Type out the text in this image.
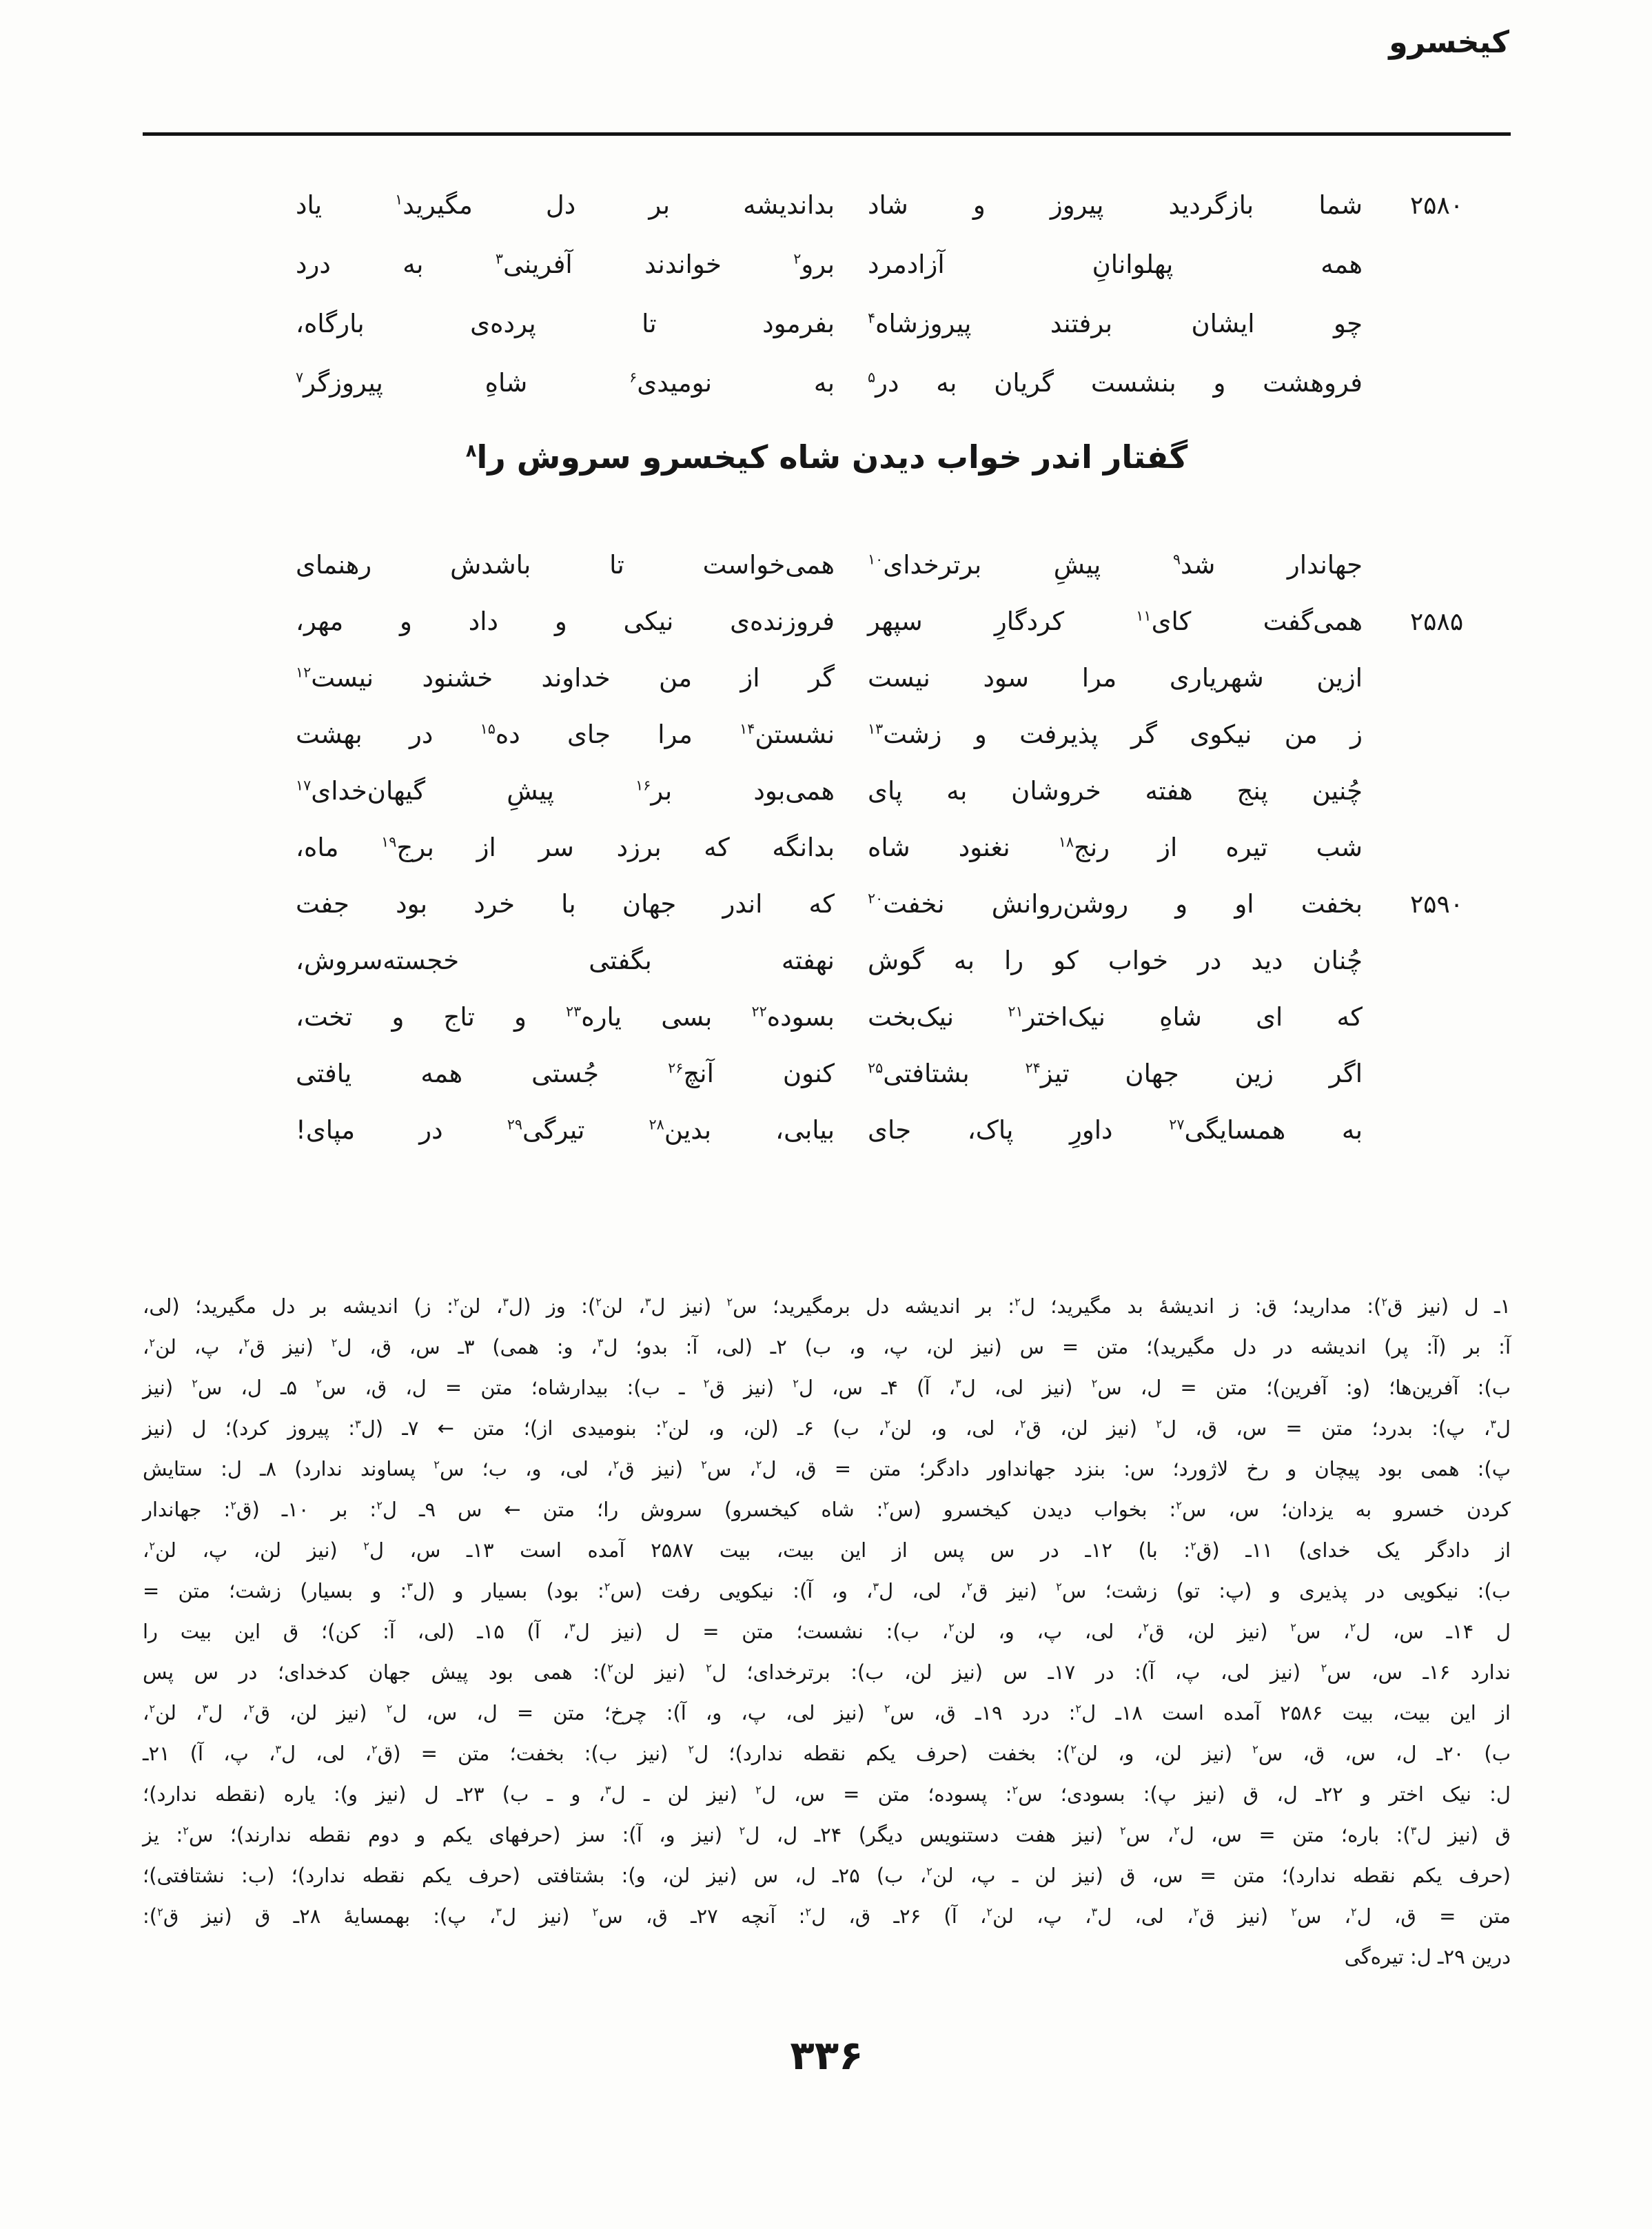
کیخسرو
۲۵۸۰
شما بازگردید پیروز و شاد
بداندیشه بر دل مگیرید$^۱$ یاد
همه پهلوانانِ آزادمرد
برو$^۲$ خواندند آفرینی$^۳$ به درد
چو ایشان برفتند پیروزشاه$^۴$
بفرمود تا پرده‌ی بارگاه،
فروهشت و بنشست گریان به در$^۵$
به نومیدی$^۶$ شاهِ پیروزگر$^۷$
گفتار اندر خواب دیدن شاه کیخسرو سروش را$^۸$
جهاندار شد$^۹$ پیشِ برترخدای$^{۱۰}$
همی‌خواست تا باشدش رهنمای
۲۵۸۵
همی‌گفت کای$^{۱۱}$ کردگارِ سپهر
فروزنده‌ی نیکی و داد و مهر،
ازین شهریاری مرا سود نیست
گر از من خداوند خشنود نیست$^{۱۲}$
ز من نیکوی گر پذیرفت و زشت$^{۱۳}$
نشستن$^{۱۴}$ مرا جای ده$^{۱۵}$ در بهشت
چُنین پنج هفته خروشان به پای
همی‌بود بر$^{۱۶}$ پیشِ گیهان‌خدای$^{۱۷}$
شب تیره از رنج$^{۱۸}$ نغنود شاه
بدانگه که برزد سر از برج$^{۱۹}$ ماه،
۲۵۹۰
بخفت او و روشن‌روانش نخفت$^{۲۰}$
که اندر جهان با خرد بود جفت
چُنان دید در خواب کو را به گوش
نهفته بگفتی خجسته‌سروش،
که ای شاهِ نیک‌اختر$^{۲۱}$ نیک‌بخت
بسوده$^{۲۲}$ بسی یاره$^{۲۳}$ و تاج و تخت،
اگر زین جهان تیز$^{۲۴}$ بشتافتی$^{۲۵}$
کنون آنچ$^{۲۶}$ جُستی همه یافتی
به همسایگی$^{۲۷}$ داورِ پاک، جای
بیابی، بدین$^{۲۸}$ تیرگی$^{۲۹}$ در مپای!

۱ـ ل (نیز ق$^۲$): مدارید؛ ق: ز اندیشهٔ بد مگیرید؛ ل$^۲$: بر اندیشه دل برمگیرید؛ س$^۲$ (نیز ل$^۳$، لن$^۲$): وز (ل$^۳$، لن$^۲$: ز) اندیشه بر دل مگیرید؛ (لی،

آ: بر (آ: پر) اندیشه در دل مگیرید)؛ متن = س (نیز لن، پ، و، ب) ۲ـ (لی، آ: بدو؛ ل$^۳$، و: همی) ۳ـ س، ق، ل$^۲$ (نیز ق$^۲$، پ، لن$^۲$،

ب): آفرین‌ها؛ (و: آفرین)؛ متن = ل، س$^۲$ (نیز لی، ل$^۳$، آ) ۴ـ س، ل$^۲$ (نیز ق$^۲$ ـ ب): بیدارشاه؛ متن = ل، ق، س$^۲$ ۵ـ ل، س$^۲$ (نیز

ل$^۳$، پ): بدرد؛ متن = س، ق، ل$^۲$ (نیز لن، ق$^۲$، لی، و، لن$^۲$، ب) ۶ـ (لن، و، لن$^۲$: بنومیدی از)؛ متن ← ۷ـ (ل$^۳$: پیروز کرد)؛ ل (نیز

پ): همی بود پیچان و رخ لاژورد؛ س: بنزد جهانداور دادگر؛ متن = ق، ل$^۲$، س$^۲$ (نیز ق$^۲$، لی، و، ب؛ س$^۲$ پساوند ندارد) ۸ـ ل: ستایش

کردن خسرو به یزدان؛ س، س$^۲$: بخواب دیدن کیخسرو (س$^۲$: شاه کیخسرو) سروش را؛ متن ← س ۹ـ ل$^۲$: بر ۱۰ـ (ق$^۲$: جهاندار

از دادگر یک خدای) ۱۱ـ (ق$^۲$: با) ۱۲ـ در س پس از این بیت، بیت ۲۵۸۷ آمده است ۱۳ـ س، ل$^۲$ (نیز لن، پ، لن$^۲$،

ب): نیکویی در پذیری و (پ: تو) زشت؛ س$^۲$ (نیز ق$^۲$، لی، ل$^۳$، و، آ): نیکویی رفت (س$^۲$: بود) بسیار و (ل$^۳$: و بسیار) زشت؛ متن =

ل ۱۴ـ س، ل$^۲$، س$^۲$ (نیز لن، ق$^۲$، لی، پ، و، لن$^۲$، ب): نشست؛ متن = ل (نیز ل$^۳$، آ) ۱۵ـ (لی، آ: کن)؛ ق این بیت را

ندارد ۱۶ـ س، س$^۲$ (نیز لی، پ، آ): در ۱۷ـ س (نیز لن، ب): برترخدای؛ ل$^۲$ (نیز لن$^۲$): همی بود پیش جهان کدخدای؛ در س پس

از این بیت، بیت ۲۵۸۶ آمده است ۱۸ـ ل$^۲$: درد ۱۹ـ ق، س$^۲$ (نیز لی، پ، و، آ): چرخ؛ متن = ل، س، ل$^۲$ (نیز لن، ق$^۲$، ل$^۳$، لن$^۲$،

ب) ۲۰ـ ل، س، ق، س$^۲$ (نیز لن، و، لن$^۲$): بخفت (حرف یکم نقطه ندارد)؛ ل$^۲$ (نیز ب): بخفت؛ متن = (ق$^۲$، لی، ل$^۳$، پ، آ) ۲۱ـ

ل: نیک اختر و ۲۲ـ ل، ق (نیز پ): بسودی؛ س$^۲$: پسوده؛ متن = س، ل$^۲$ (نیز لن ـ ل$^۳$، و ـ ب) ۲۳ـ ل (نیز و): یاره (نقطه ندارد)؛

ق (نیز ل$^۳$): باره؛ متن = س، ل$^۲$، س$^۲$ (نیز هفت دستنویس دیگر) ۲۴ـ ل، ل$^۲$ (نیز و، آ): سز (حرفهای یکم و دوم نقطه ندارند)؛ س$^۲$: یز

(حرف یکم نقطه ندارد)؛ متن = س، ق (نیز لن ـ پ، لن$^۲$، ب) ۲۵ـ ل، س (نیز لن، و): بشتافتی (حرف یکم نقطه ندارد)؛ (ب: نشتافتی)؛

متن = ق، ل$^۲$، س$^۲$ (نیز ق$^۲$، لی، ل$^۳$، پ، لن$^۲$، آ) ۲۶ـ ق، ل$^۲$: آنچه ۲۷ـ ق، س$^۲$ (نیز ل$^۳$، پ): بهمسایهٔ ۲۸ـ ق (نیز ق$^۲$):

درین ۲۹ـ ل: تیره‌گی

۳۳۶
